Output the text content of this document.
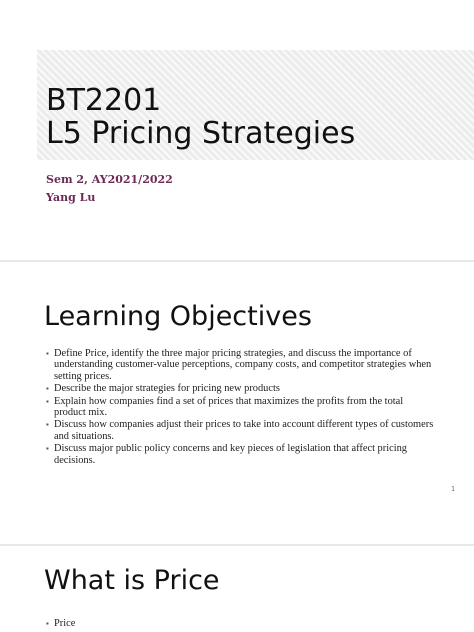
BT2201
L5 Pricing Strategies
Sem 2, AY2021/2022
Yang Lu
Learning Objectives
▪ Define Price, identify the three major pricing strategies, and discuss the importance of understanding customer-value perceptions, company costs, and competitor strategies when setting prices.
▪ Describe the major strategies for pricing new products
▪ Explain how companies find a set of prices that maximizes the profits from the total product mix.
▪ Discuss how companies adjust their prices to take into account different types of customers and situations.
▪ Discuss major public policy concerns and key pieces of legislation that affect pricing decisions.
1
What is Price
▪ Price
